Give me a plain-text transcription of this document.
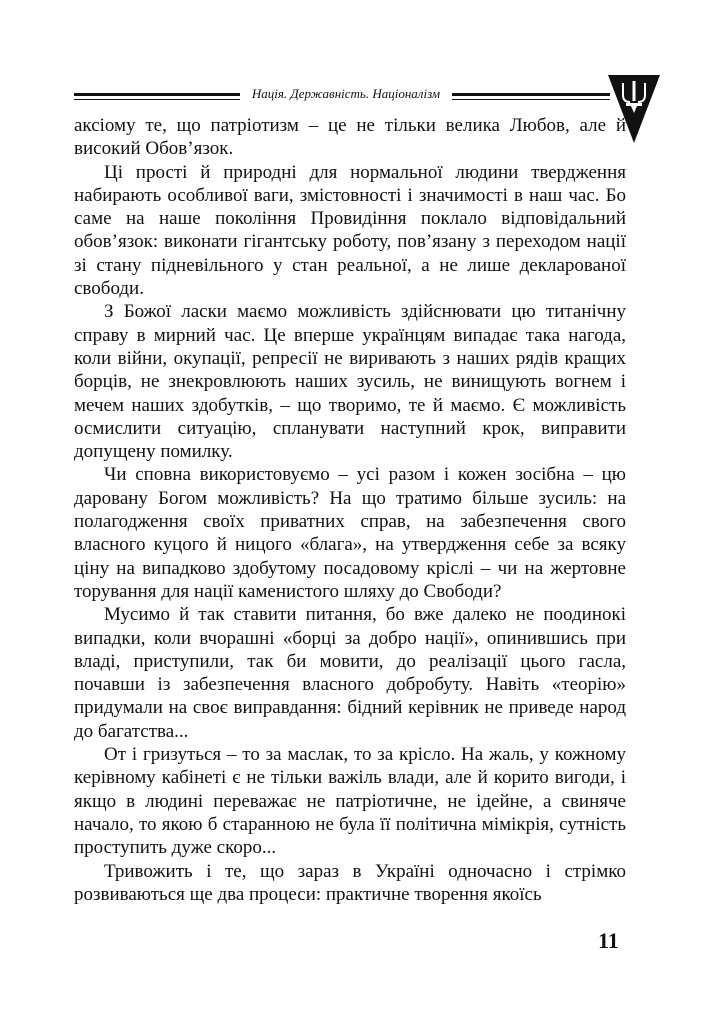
Нація. Державність. Націоналізм

аксіому те, що патріотизм – це не тільки велика Любов, але й високий Обов’язок.

Ці прості й природні для нормальної людини твердження набирають особливої ваги, змістовності і значимості в наш час. Бо саме на наше покоління Провидіння поклало відповідальний обов’язок: виконати гігантську роботу, пов’язану з переходом нації зі стану підневільного у стан реальної, а не лише декларованої свободи.

З Божої ласки маємо можливість здійснювати цю титанічну справу в мирний час. Це вперше українцям випадає така нагода, коли війни, окупації, репресії не виривають з наших рядів кращих борців, не знекровлюють наших зусиль, не винищують вогнем і мечем наших здобутків, – що творимо, те й маємо. Є можливість осмислити ситуацію, спланувати наступний крок, виправити допущену помилку.

Чи сповна використовуємо – усі разом і кожен зосібна – цю даровану Богом можливість? На що тратимо більше зусиль: на полагодження своїх приватних справ, на забезпечення свого власного куцого й ницого «блага», на утвердження себе за всяку ціну на випадково здобутому посадовому кріслі – чи на жертовне торування для нації каменистого шляху до Свободи?

Мусимо й так ставити питання, бо вже далеко не поодинокі випадки, коли вчорашні «борці за добро нації», опинившись при владі, приступили, так би мовити, до реалізації цього гасла, почавши із забезпечення власного добробуту. Навіть «теорію» придумали на своє виправдання: бідний керівник не приведе народ до багатства...

От і гризуться – то за маслак, то за крісло. На жаль, у кожному керівному кабінеті є не тільки важіль влади, але й корито вигоди, і якщо в людині переважає не патріотичне, не ідейне, а свиняче начало, то якою б старанною не була її політична мімікрія, сутність проступить дуже скоро...

Тривожить і те, що зараз в Україні одночасно і стрімко розвиваються ще два процеси: практичне творення якоїсь

11
